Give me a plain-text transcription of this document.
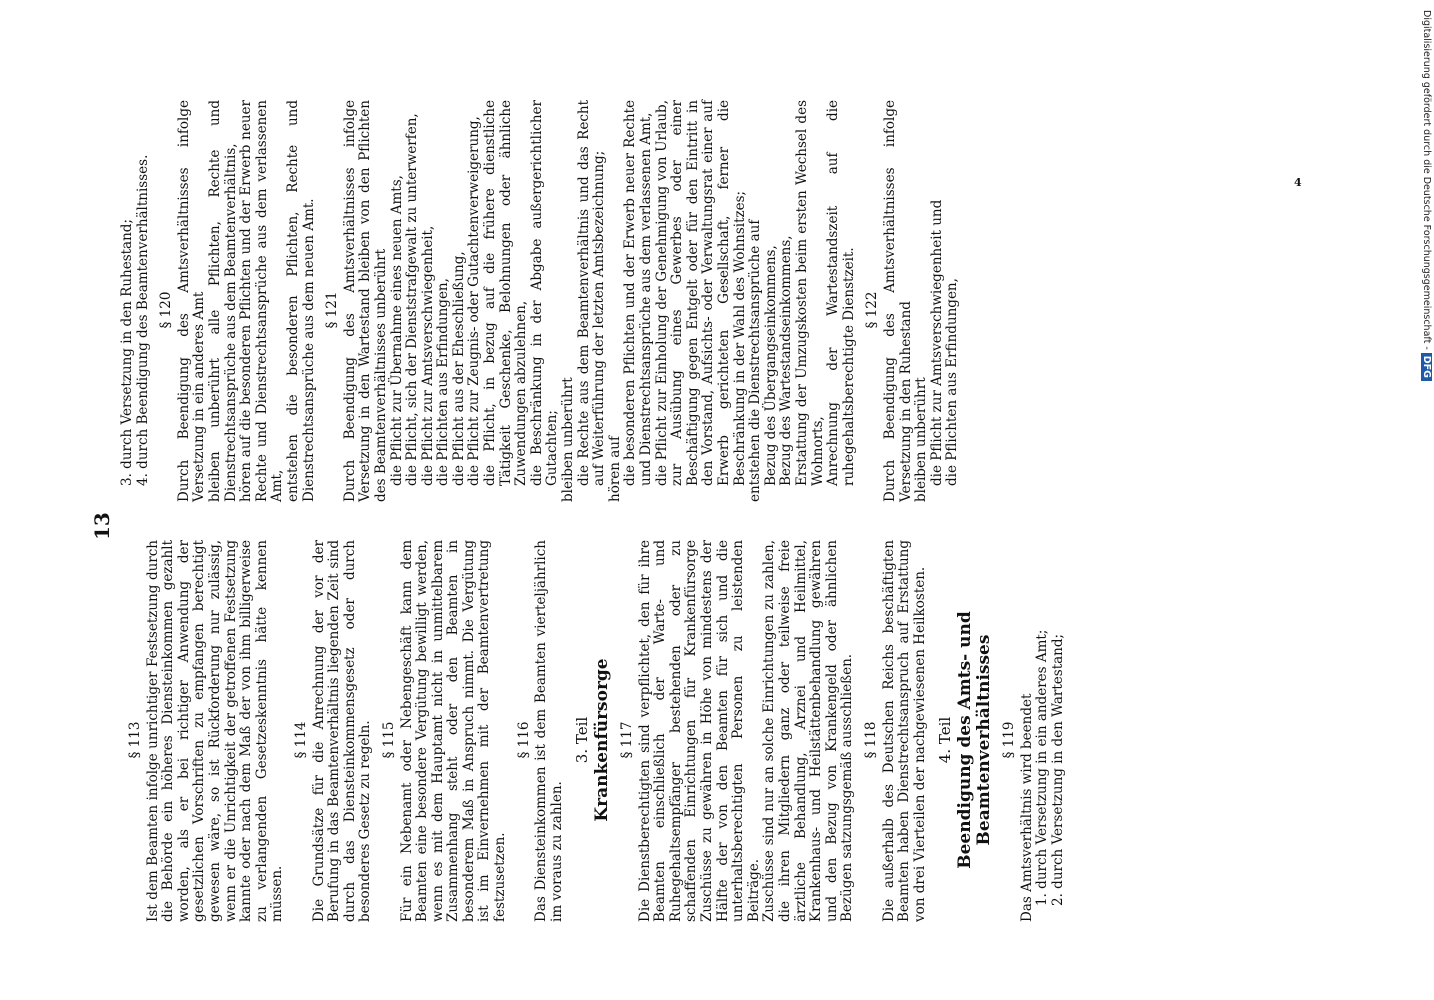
13
§ 113 Ist dem Beamten infolge unrichtiger Festsetzung durch die Behörde ein höheres Diensteinkommen gezahlt worden, als er bei richtiger Anwendung der gesetzlichen Vorschriften zu empfangen berechtigt gewesen wäre, so ist Rückforderung nur zulässig, wenn er die Unrichtigkeit der getroffenen Festsetzung kannte oder nach dem Maß der von ihm billigerweise zu verlangenden Gesetzeskenntnis hätte kennen müssen.
§ 114 Die Grundsätze für die Anrechnung der vor der Berufung in das Beamtenverhältnis liegenden Zeit sind durch das Diensteinkommensgesetz oder durch besonderes Gesetz zu regeln. § 115 Für ein Nebenamt oder Nebengeschäft kann dem Beamten eine besondere Vergütung bewilligt werden, wenn es mit dem Hauptamt nicht in unmittelbarem Zusammenhang steht oder den Beamten in besonderem Maß in Anspruch nimmt. Die Vergütung ist im Einvernehmen mit der Beamtenvertretung festzusetzen.
§ 116 Das Diensteinkommen ist dem Beamten vierteljährlich im voraus zu zahlen.
3. Teil Krankenfürsorge § 117 Die Dienstberechtigten sind verpflichtet, den für ihre Beamten einschließlich der Warte- und Ruhegehaltsempfänger bestehenden oder zu schaffenden Einrichtungen für Krankenfürsorge Zuschüsse zu gewähren in Höhe von mindestens der Hälfte der von den Beamten für sich und die unterhaltsberechtigten Personen zu leistenden Beiträge. Zuschüsse sind nur an solche Einrichtungen zu zahlen, die ihren Mitgliedern ganz oder teilweise freie ärztliche Behandlung, Arznei und Heilmittel, Krankenhaus- und Heilstättenbehandlung gewähren und den Bezug von Krankengeld oder ähnlichen Bezügen satzungsgemäß ausschließen. § 118 Die außerhalb des Deutschen Reichs beschäftigten Beamten haben Dienstrechtsanspruch auf Erstattung von drei Vierteilen der nachgewiesenen Heilkosten. 4. Teil Beendigung des Amts- und Beamtenverhältnisses § 119 Das Amtsverhältnis wird beendet 1. durch Versetzung in ein anderes Amt; 2. durch Versetzung in den Wartestand;
3. durch Versetzung in den Ruhestand; 4. durch Beendigung des Beamtenverhältnisses. § 120 Durch Beendigung des Amtsverhältnisses infolge Versetzung in ein anderes Amt bleiben unberührt alle Pflichten, Rechte und Dienstrechtsansprüche aus dem Beamtenverhältnis, hören auf die besonderen Pflichten und der Erwerb neuer Rechte und Dienstrechtsansprüche aus dem verlassenen Amt, entstehen die besonderen Pflichten, Rechte und Dienstrechtsansprüche aus dem neuen Amt. § 121 Durch Beendigung des Amtsverhältnisses infolge Versetzung in den Wartestand bleiben von den Pflichten des Beamtenverhältnisses unberührt die Pflicht zur Übernahme eines neuen Amts, die Pflicht, sich der Dienststrafgewalt zu unterwerfen, die Pflicht zur Amtsverschwiegenheit, die Pflichten aus Erfindungen, die Pflicht aus der Eheschließung, die Pflicht zur Zeugnis- oder Gutachtenverweigerung, die Pflicht, in bezug auf die frühere dienstliche Tätigkeit Geschenke, Belohnungen oder ähnliche Zuwendungen abzulehnen, die Beschränkung in der Abgabe außergerichtlicher Gutachten; bleiben unberührt die Rechte aus dem Beamtenverhältnis und das Recht auf Weiterführung der letzten Amtsbezeichnung; hören auf die besonderen Pflichten und der Erwerb neuer Rechte und Dienstrechtsansprüche aus dem verlassenen Amt, die Pflicht zur Einholung der Genehmigung von Urlaub, zur Ausübung eines Gewerbes oder einer Beschäftigung gegen Entgelt oder für den Eintritt in den Vorstand, Aufsichts- oder Verwaltungsrat einer auf Erwerb gerichteten Gesellschaft, ferner die Beschränkung in der Wahl des Wohnsitzes; entstehen die Dienstrechtsansprüche auf Bezug des Übergangseinkommens, Bezug des Wartestandseinkommens, Erstattung der Umzugskosten beim ersten Wechsel des Wohnorts, Anrechnung der Wartestandszeit auf die ruhegehaltsberechtigte Dienstzeit. § 122 Durch Beendigung des Amtsverhältnisses infolge Versetzung in den Ruhestand bleiben unberührt die Pflicht zur Amtsverschwiegenheit und die Pflichten aus Erfindungen,
4	Digitalisierung gefördert durch die Deutsche Forschungsgemeinschaft -DFG
